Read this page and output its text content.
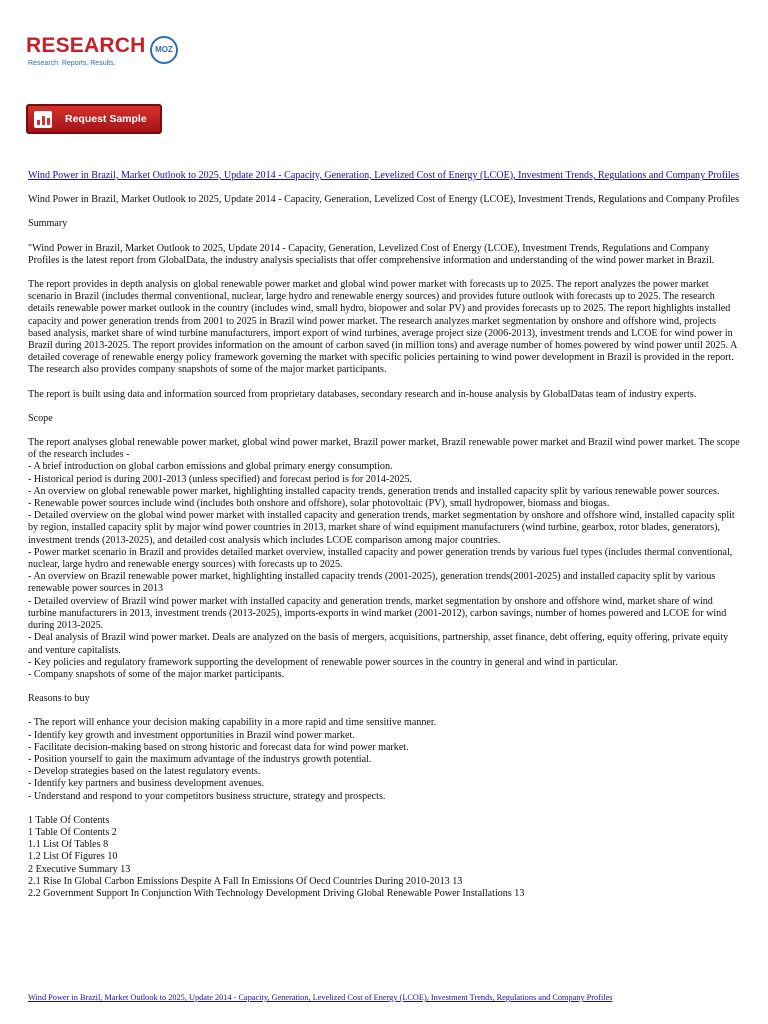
RESEARCH	MOZ
Research. Reports. Results.
Request Sample

Wind Power in Brazil, Market Outlook to 2025, Update 2014 - Capacity, Generation, Levelized Cost of Energy (LCOE), Investment Trends, Regulations and Company Profiles

Wind Power in Brazil, Market Outlook to 2025, Update 2014 - Capacity, Generation, Levelized Cost of Energy (LCOE), Investment Trends, Regulations and Company Profiles

Summary

"Wind Power in Brazil, Market Outlook to 2025, Update 2014 - Capacity, Generation, Levelized Cost of Energy (LCOE), Investment Trends, Regulations and Company Profiles is the latest report from GlobalData, the industry analysis specialists that offer comprehensive information and understanding of the wind power market in Brazil.

The report provides in depth analysis on global renewable power market and global wind power market with forecasts up to 2025. The report analyzes the power market scenario in Brazil (includes thermal conventional, nuclear, large hydro and renewable energy sources) and provides future outlook with forecasts up to 2025. The research details renewable power market outlook in the country (includes wind, small hydro, biopower and solar PV) and provides forecasts up to 2025. The report highlights installed capacity and power generation trends from 2001 to 2025 in Brazil wind power market. The research analyzes market segmentation by onshore and offshore wind, projects based analysis, market share of wind turbine manufacturers, import export of wind turbines, average project size (2006-2013), investment trends and LCOE for wind power in Brazil during 2013-2025. The report provides information on the amount of carbon saved (in million tons) and average number of homes powered by wind power until 2025. A detailed coverage of renewable energy policy framework governing the market with specific policies pertaining to wind power development in Brazil is provided in the report. The research also provides company snapshots of some of the major market participants.

The report is built using data and information sourced from proprietary databases, secondary research and in-house analysis by GlobalDatas team of industry experts.

Scope

The report analyses global renewable power market, global wind power market, Brazil power market, Brazil renewable power market and Brazil wind power market. The scope of the research includes -
- A brief introduction on global carbon emissions and global primary energy consumption.
- Historical period is during 2001-2013 (unless specified) and forecast period is for 2014-2025.
- An overview on global renewable power market, highlighting installed capacity trends, generation trends and installed capacity split by various renewable power sources.
- Renewable power sources include wind (includes both onshore and offshore), solar photovoltaic (PV), small hydropower, biomass and biogas.
- Detailed overview on the global wind power market with installed capacity and generation trends, market segmentation by onshore and offshore wind, installed capacity split by region, installed capacity split by major wind power countries in 2013, market share of wind equipment manufacturers (wind turbine, gearbox, rotor blades, generators), investment trends (2013-2025), and detailed cost analysis which includes LCOE comparison among major countries.
- Power market scenario in Brazil and provides detailed market overview, installed capacity and power generation trends by various fuel types (includes thermal conventional, nuclear, large hydro and renewable energy sources) with forecasts up to 2025.
- An overview on Brazil renewable power market, highlighting installed capacity trends (2001-2025), generation trends(2001-2025) and installed capacity split by various renewable power sources in 2013
- Detailed overview of Brazil wind power market with installed capacity and generation trends, market segmentation by onshore and offshore wind, market share of wind turbine manufacturers in 2013, investment trends (2013-2025), imports-exports in wind market (2001-2012), carbon savings, number of homes powered and LCOE for wind during 2013-2025.
- Deal analysis of Brazil wind power market. Deals are analyzed on the basis of mergers, acquisitions, partnership, asset finance, debt offering, equity offering, private equity and venture capitalists.
- Key policies and regulatory framework supporting the development of renewable power sources in the country in general and wind in particular.
- Company snapshots of some of the major market participants.

Reasons to buy

- The report will enhance your decision making capability in a more rapid and time sensitive manner.
- Identify key growth and investment opportunities in Brazil wind power market.
- Facilitate decision-making based on strong historic and forecast data for wind power market.
- Position yourself to gain the maximum advantage of the industrys growth potential.
- Develop strategies based on the latest regulatory events.
- Identify key partners and business development avenues.
- Understand and respond to your competitors business structure, strategy and prospects.
1 Table Of Contents
1 Table Of Contents 2
1.1 List Of Tables 8
1.2 List Of Figures 10
2 Executive Summary 13
2.1 Rise In Global Carbon Emissions Despite A Fall In Emissions Of Oecd Countries During 2010-2013 13
2.2 Government Support In Conjunction With Technology Development Driving Global Renewable Power Installations 13
Wind Power in Brazil, Market Outlook to 2025, Update 2014 - Capacity, Generation, Levelized Cost of Energy (LCOE), Investment Trends, Regulations and Company Profiles
